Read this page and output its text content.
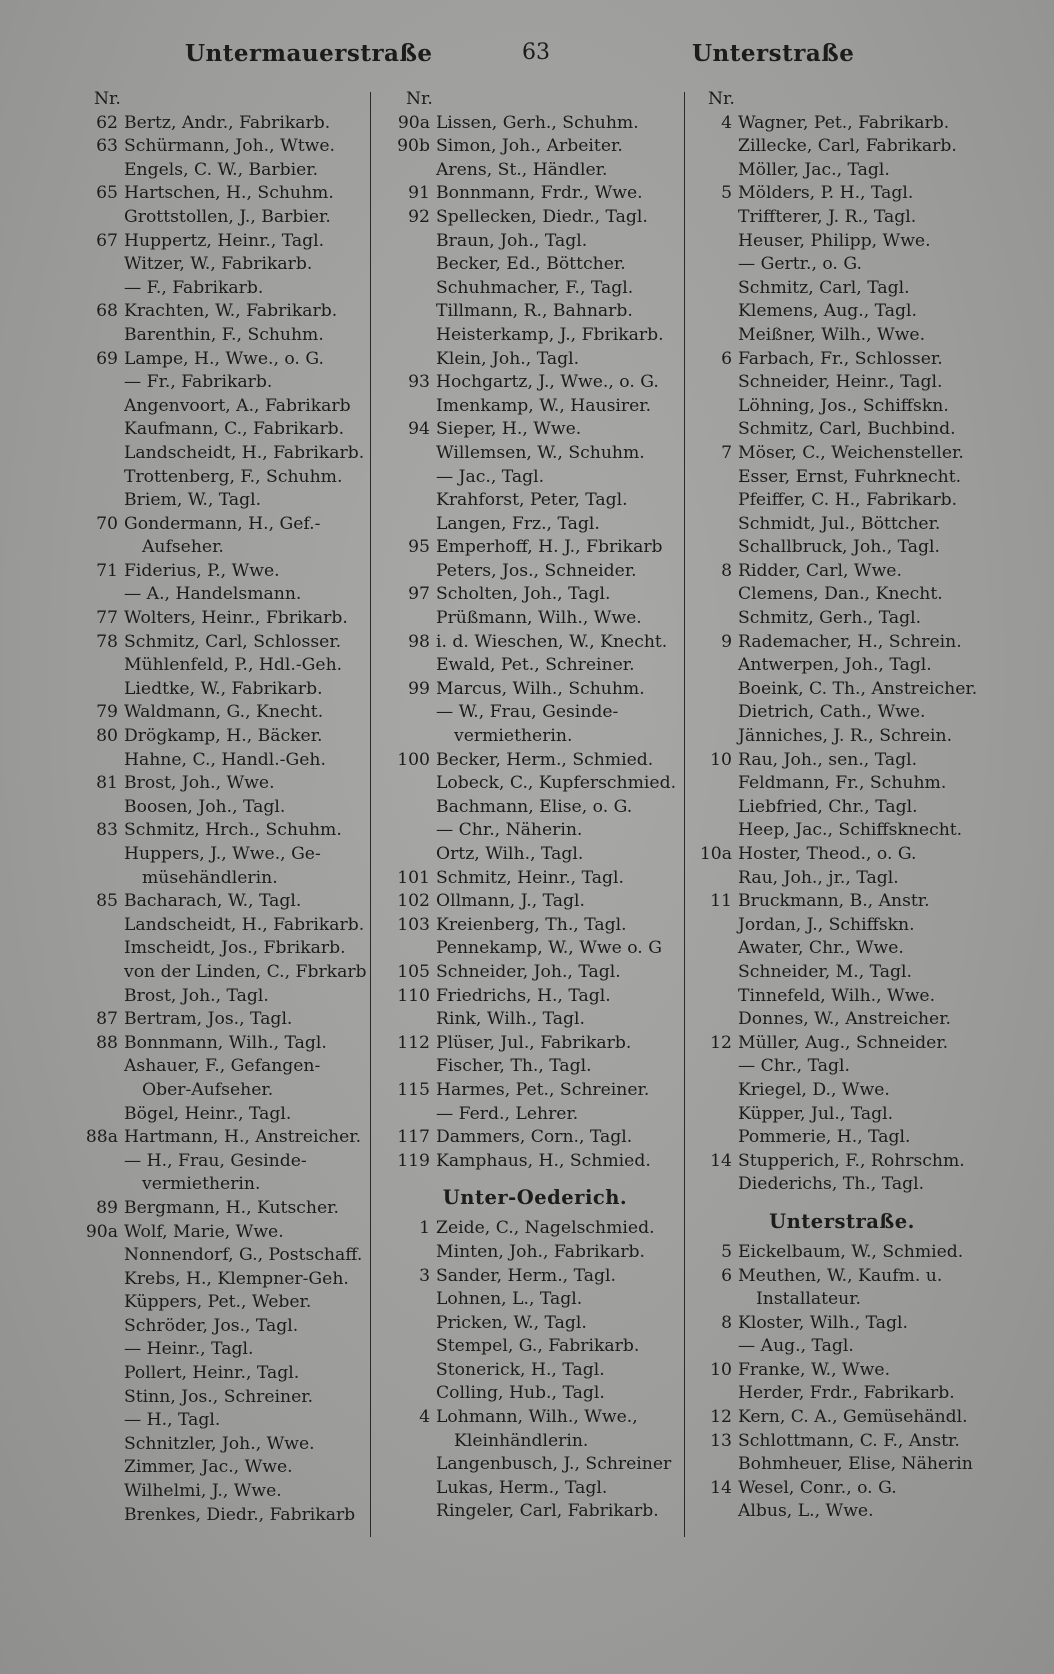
Untermauerstraße	63	Unterstraße
Nr.
62 Bertz, Andr., Fabrikarb.
63 Schürmann, Joh., Wtwe.
Engels, C. W., Barbier.
65 Hartschen, H., Schuhm.
Grottstollen, J., Barbier.
67 Huppertz, Heinr., Tagl.
Witzer, W., Fabrikarb.
— F., Fabrikarb.
68 Krachten, W., Fabrikarb.
Barenthin, F., Schuhm.
69 Lampe, H., Wwe., o. G.
— Fr., Fabrikarb.
Angenvoort, A., Fabrikarb
Kaufmann, C., Fabrikarb.
Landscheidt, H., Fabrikarb.
Trottenberg, F., Schuhm.
Briem, W., Tagl.
70 Gondermann, H., Gef.-
Aufseher.
71 Fiderius, P., Wwe.
— A., Handelsmann.
77 Wolters, Heinr., Fbrikarb.
78 Schmitz, Carl, Schlosser.
Mühlenfeld, P., Hdl.-Geh.
Liedtke, W., Fabrikarb.
79 Waldmann, G., Knecht.
80 Drögkamp, H., Bäcker.
Hahne, C., Handl.-Geh.
81 Brost, Joh., Wwe.
Boosen, Joh., Tagl.
83 Schmitz, Hrch., Schuhm.
Huppers, J., Wwe., Ge-
müsehändlerin.
85 Bacharach, W., Tagl.
Landscheidt, H., Fabrikarb.
Imscheidt, Jos., Fbrikarb.
von der Linden, C., Fbrkarb
Brost, Joh., Tagl.
87 Bertram, Jos., Tagl.
88 Bonnmann, Wilh., Tagl.
Ashauer, F., Gefangen-
Ober-Aufseher.
Bögel, Heinr., Tagl.
88a Hartmann, H., Anstreicher.
— H., Frau, Gesinde-
vermietherin.
89 Bergmann, H., Kutscher.
90a Wolf, Marie, Wwe.
Nonnendorf, G., Postschaff.
Krebs, H., Klempner-Geh.
Küppers, Pet., Weber.
Schröder, Jos., Tagl.
— Heinr., Tagl.
Pollert, Heinr., Tagl.
Stinn, Jos., Schreiner.
— H., Tagl.
Schnitzler, Joh., Wwe.
Zimmer, Jac., Wwe.
Wilhelmi, J., Wwe.
Brenkes, Diedr., Fabrikarb
Nr.
90a Lissen, Gerh., Schuhm.
90b Simon, Joh., Arbeiter.
Arens, St., Händler.
91 Bonnmann, Frdr., Wwe.
92 Spellecken, Diedr., Tagl.
Braun, Joh., Tagl.
Becker, Ed., Böttcher.
Schuhmacher, F., Tagl.
Tillmann, R., Bahnarb.
Heisterkamp, J., Fbrikarb.
Klein, Joh., Tagl.
93 Hochgartz, J., Wwe., o. G.
Imenkamp, W., Hausirer.
94 Sieper, H., Wwe.
Willemsen, W., Schuhm.
— Jac., Tagl.
Krahforst, Peter, Tagl.
Langen, Frz., Tagl.
95 Emperhoff, H. J., Fbrikarb
Peters, Jos., Schneider.
97 Scholten, Joh., Tagl.
Prüßmann, Wilh., Wwe.
98 i. d. Wieschen, W., Knecht.
Ewald, Pet., Schreiner.
99 Marcus, Wilh., Schuhm.
— W., Frau, Gesinde-
vermietherin.
100 Becker, Herm., Schmied.
Lobeck, C., Kupferschmied.
Bachmann, Elise, o. G.
— Chr., Näherin.
Ortz, Wilh., Tagl.
101 Schmitz, Heinr., Tagl.
102 Ollmann, J., Tagl.
103 Kreienberg, Th., Tagl.
Pennekamp, W., Wwe o. G
105 Schneider, Joh., Tagl.
110 Friedrichs, H., Tagl.
Rink, Wilh., Tagl.
112 Plüser, Jul., Fabrikarb.
Fischer, Th., Tagl.
115 Harmes, Pet., Schreiner.
— Ferd., Lehrer.
117 Dammers, Corn., Tagl.
119 Kamphaus, H., Schmied.
Unter-Oederich.
1 Zeide, C., Nagelschmied.
Minten, Joh., Fabrikarb.
3 Sander, Herm., Tagl.
Lohnen, L., Tagl.
Pricken, W., Tagl.
Stempel, G., Fabrikarb.
Stonerick, H., Tagl.
Colling, Hub., Tagl.
4 Lohmann, Wilh., Wwe.,
Kleinhändlerin.
Langenbusch, J., Schreiner
Lukas, Herm., Tagl.
Ringeler, Carl, Fabrikarb.
Nr.
4 Wagner, Pet., Fabrikarb.
Zillecke, Carl, Fabrikarb.
Möller, Jac., Tagl.
5 Mölders, P. H., Tagl.
Triffterer, J. R., Tagl.
Heuser, Philipp, Wwe.
— Gertr., o. G.
Schmitz, Carl, Tagl.
Klemens, Aug., Tagl.
Meißner, Wilh., Wwe.
6 Farbach, Fr., Schlosser.
Schneider, Heinr., Tagl.
Löhning, Jos., Schiffskn.
Schmitz, Carl, Buchbind.
7 Möser, C., Weichensteller.
Esser, Ernst, Fuhrknecht.
Pfeiffer, C. H., Fabrikarb.
Schmidt, Jul., Böttcher.
Schallbruck, Joh., Tagl.
8 Ridder, Carl, Wwe.
Clemens, Dan., Knecht.
Schmitz, Gerh., Tagl.
9 Rademacher, H., Schrein.
Antwerpen, Joh., Tagl.
Boeink, C. Th., Anstreicher.
Dietrich, Cath., Wwe.
Jänniches, J. R., Schrein.
10 Rau, Joh., sen., Tagl.
Feldmann, Fr., Schuhm.
Liebfried, Chr., Tagl.
Heep, Jac., Schiffsknecht.
10a Hoster, Theod., o. G.
Rau, Joh., jr., Tagl.
11 Bruckmann, B., Anstr.
Jordan, J., Schiffskn.
Awater, Chr., Wwe.
Schneider, M., Tagl.
Tinnefeld, Wilh., Wwe.
Donnes, W., Anstreicher.
12 Müller, Aug., Schneider.
— Chr., Tagl.
Kriegel, D., Wwe.
Küpper, Jul., Tagl.
Pommerie, H., Tagl.
14 Stupperich, F., Rohrschm.
Diederichs, Th., Tagl.
Unterstraße.
5 Eickelbaum, W., Schmied.
6 Meuthen, W., Kaufm. u.
Installateur.
8 Kloster, Wilh., Tagl.
— Aug., Tagl.
10 Franke, W., Wwe.
Herder, Frdr., Fabrikarb.
12 Kern, C. A., Gemüsehändl.
13 Schlottmann, C. F., Anstr.
Bohmheuer, Elise, Näherin
14 Wesel, Conr., o. G.
Albus, L., Wwe.
